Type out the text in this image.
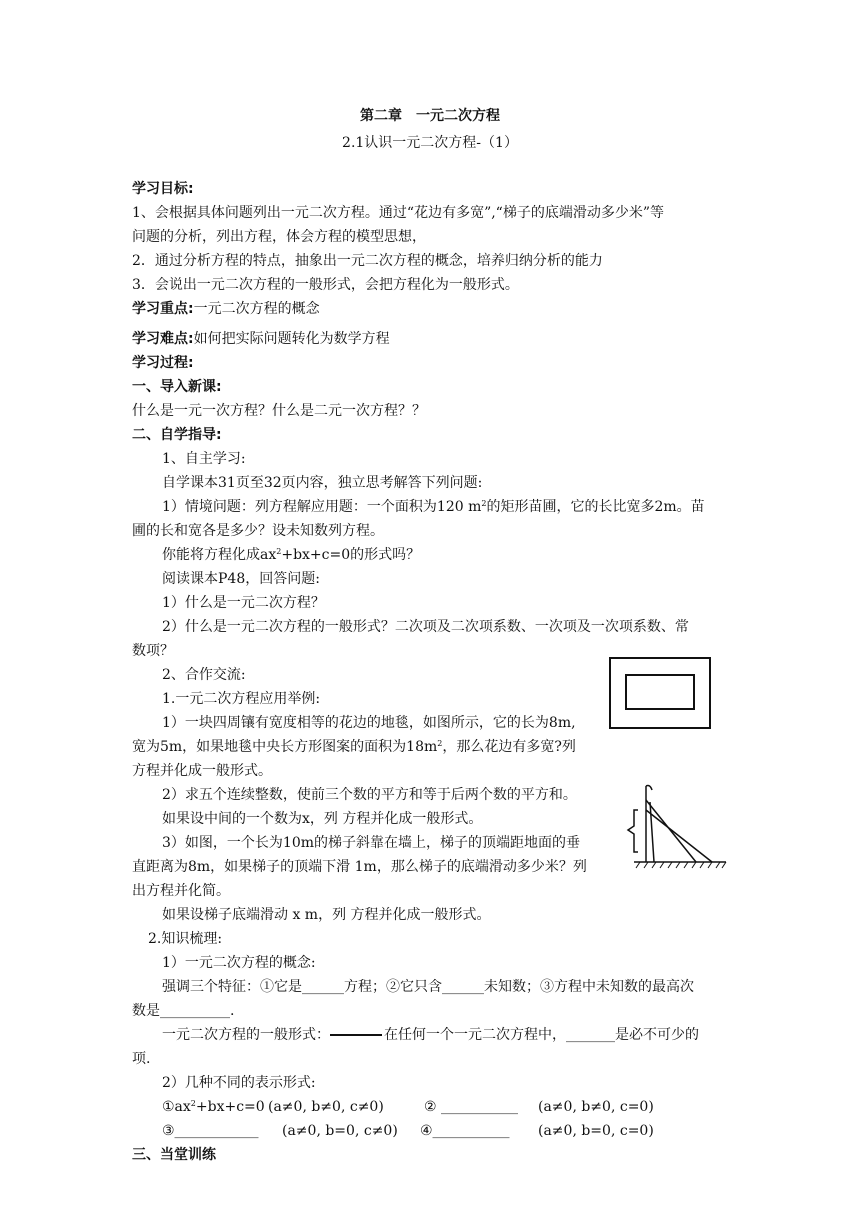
第二章　一元二次方程

2.1认识一元二次方程-（1）

学习目标:

1、会根据具体问题列出一元二次方程。通过“花边有多宽”,“梯子的底端滑动多少米”等

问题的分析，列出方程，体会方程的模型思想，

2．通过分析方程的特点，抽象出一元二次方程的概念，培养归纳分析的能力

3．会说出一元二次方程的一般形式，会把方程化为一般形式。

学习重点:一元二次方程的概念

学习难点:如何把实际问题转化为数学方程

学习过程:

一、导入新课:

什么是一元一次方程？什么是二元一次方程？？

二、自学指导:

1、自主学习:

自学课本31页至32页内容，独立思考解答下列问题:

1）情境问题：列方程解应用题：一个面积为120 $m^2$的矩形苗圃，它的长比宽多2m。苗

圃的长和宽各是多少？设未知数列方程。

你能将方程化成$ax^2+bx+c=0$的形式吗？

阅读课本P48，回答问题:

1）什么是一元二次方程？

2）什么是一元二次方程的一般形式？二次项及二次项系数、一次项及一次项系数、常

数项？

2、合作交流:

1.一元二次方程应用举例:

1）一块四周镶有宽度相等的花边的地毯，如图所示，它的长为8m,

宽为5m，如果地毯中央长方形图案的面积为$18m^2$，那么花边有多宽?列

方程并化成一般形式。

2）求五个连续整数，使前三个数的平方和等于后两个数的平方和。

如果设中间的一个数为x，列 方程并化成一般形式。

3）如图，一个长为10m的梯子斜靠在墙上，梯子的顶端距地面的垂

直距离为8m，如果梯子的顶端下滑 1m，那么梯子的底端滑动多少米？列

出方程并化简。

如果设梯子底端滑动 x m，列 方程并化成一般形式。

2.知识梳理:

1）一元二次方程的概念:

强调三个特征：①它是______方程；②它只含______未知数；③方程中未知数的最高次

数是__________.

一元二次方程的一般形式：	在任何一个一元二次方程中，_______是必不可少的

项.

2）几种不同的表示形式:

$①ax^2+bx+c=0$ (a≠0, b≠0, c≠0)	② ___________ (a≠0, b≠0, c=0)

③____________ (a≠0, b=0, c≠0) ④___________ (a≠0, b=0, c=0)

三、当堂训练
